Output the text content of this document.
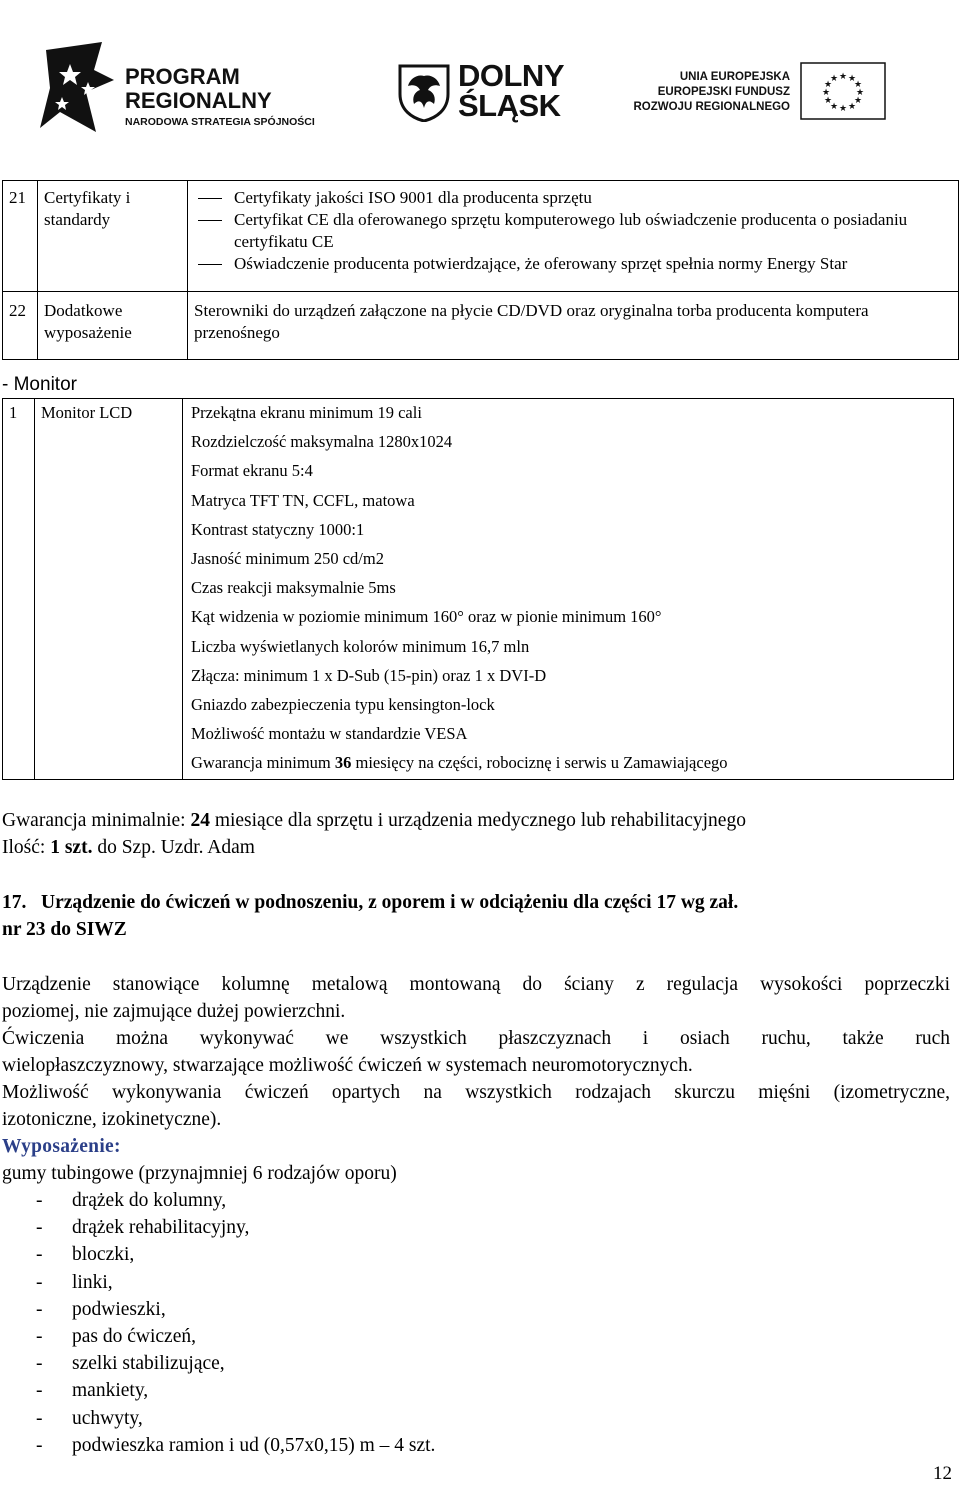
PROGRAM
REGIONALNY
NARODOWA STRATEGIA SPÓJNOŚCI
DOLNY
ŚLĄSK
UNIA EUROPEJSKA
EUROPEJSKI FUNDUSZ
ROZWOJU REGIONALNEGO
★ ★
★
★
★
★
★
★
★
★
★
★
21	Certyfikaty i standardy	Certyfikaty jakości ISO 9001 dla producenta sprzętu
Certyfikat CE dla oferowanego sprzętu komputerowego lub oświadczenie producenta o posiadaniu certyfikatu CE
Oświadczenie producenta potwierdzające, że oferowany sprzęt spełnia normy Energy Star

22	Dodatkowe wyposażenie	Sterowniki do urządzeń załączone na płycie CD/DVD oraz oryginalna torba producenta komputera przenośnego
- Monitor
1	Monitor LCD	Przekątna ekranu minimum 19 cali
Rozdzielczość maksymalna 1280x1024
Format ekranu 5:4
Matryca TFT TN, CCFL, matowa
Kontrast statyczny 1000:1
Jasność minimum 250 cd/m2
Czas reakcji maksymalnie 5ms
Kąt widzenia w poziomie minimum 160° oraz w pionie minimum 160°
Liczba wyświetlanych kolorów minimum 16,7 mln
Złącza: minimum 1 x D-Sub (15-pin) oraz 1 x DVI-D
Gniazdo zabezpieczenia typu kensington-lock
Możliwość montażu w standardzie VESA
Gwarancja minimum 36 miesięcy na części, robociznę i serwis u Zamawiającego
Gwarancja minimalnie: 24 miesiące dla sprzętu i urządzenia medycznego lub rehabilitacyjnego
Ilość: 1 szt. do Szp. Uzdr. Adam
17. Urządzenie do ćwiczeń w podnoszeniu, z oporem i w odciążeniu dla części 17 wg zał.
nr 23 do SIWZ
Urządzenie stanowiące kolumnę metalową montowaną do ściany z regulacja wysokości poprzeczki
poziomej, nie zajmujące dużej powierzchni.
Ćwiczenia można wykonywać we wszystkich płaszczyznach i osiach ruchu, także ruch
wielopłaszczyznowy, stwarzające możliwość ćwiczeń w systemach neuromotorycznych.
Możliwość wykonywania ćwiczeń opartych na wszystkich rodzajach skurczu mięśni (izometryczne,
izotoniczne, izokinetyczne).
Wyposażenie:
gumy tubingowe (przynajmniej 6 rodzajów oporu)
- drążek do kolumny,
- drążek rehabilitacyjny,
- bloczki,
- linki,
- podwieszki,
- pas do ćwiczeń,
- szelki stabilizujące,
- mankiety,
- uchwyty,
- podwieszka ramion i ud (0,57x0,15) m – 4 szt.
12
